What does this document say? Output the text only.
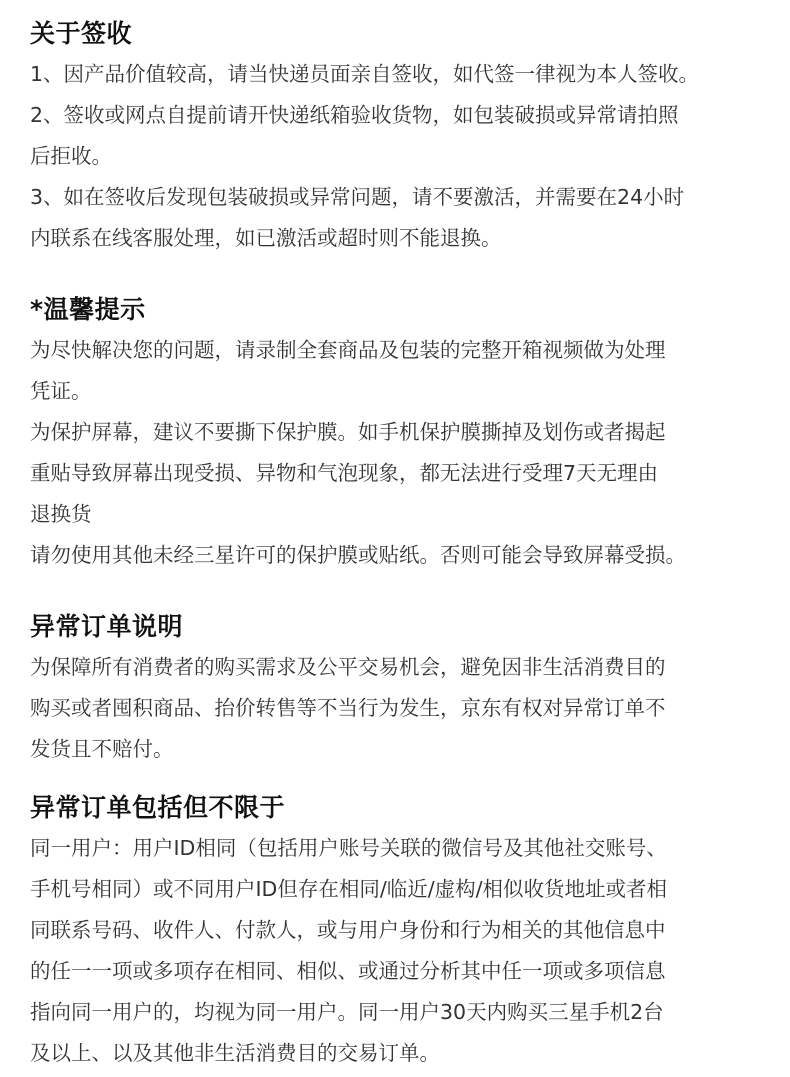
关于签收
1、因产品价值较高，请当快递员面亲自签收，如代签一律视为本人签收。
2、签收或网点自提前请开快递纸箱验收货物，如包装破损或异常请拍照
后拒收。
3、如在签收后发现包装破损或异常问题，请不要激活，并需要在24小时
内联系在线客服处理，如已激活或超时则不能退换。
*温馨提示
为尽快解决您的问题，请录制全套商品及包装的完整开箱视频做为处理
凭证。
为保护屏幕，建议不要撕下保护膜。如手机保护膜撕掉及划伤或者揭起
重贴导致屏幕出现受损、异物和气泡现象，都无法进行受理7天无理由
退换货
请勿使用其他未经三星许可的保护膜或贴纸。否则可能会导致屏幕受损。
异常订单说明
为保障所有消费者的购买需求及公平交易机会，避免因非生活消费目的
购买或者囤积商品、抬价转售等不当行为发生，京东有权对异常订单不
发货且不赔付。
异常订单包括但不限于
同一用户：用户ID相同（包括用户账号关联的微信号及其他社交账号、
手机号相同）或不同用户ID但存在相同/临近/虚构/相似收货地址或者相
同联系号码、收件人、付款人，或与用户身份和行为相关的其他信息中
的任一一项或多项存在相同、相似、或通过分析其中任一项或多项信息
指向同一用户的，均视为同一用户。同一用户30天内购买三星手机2台
及以上、以及其他非生活消费目的交易订单。
